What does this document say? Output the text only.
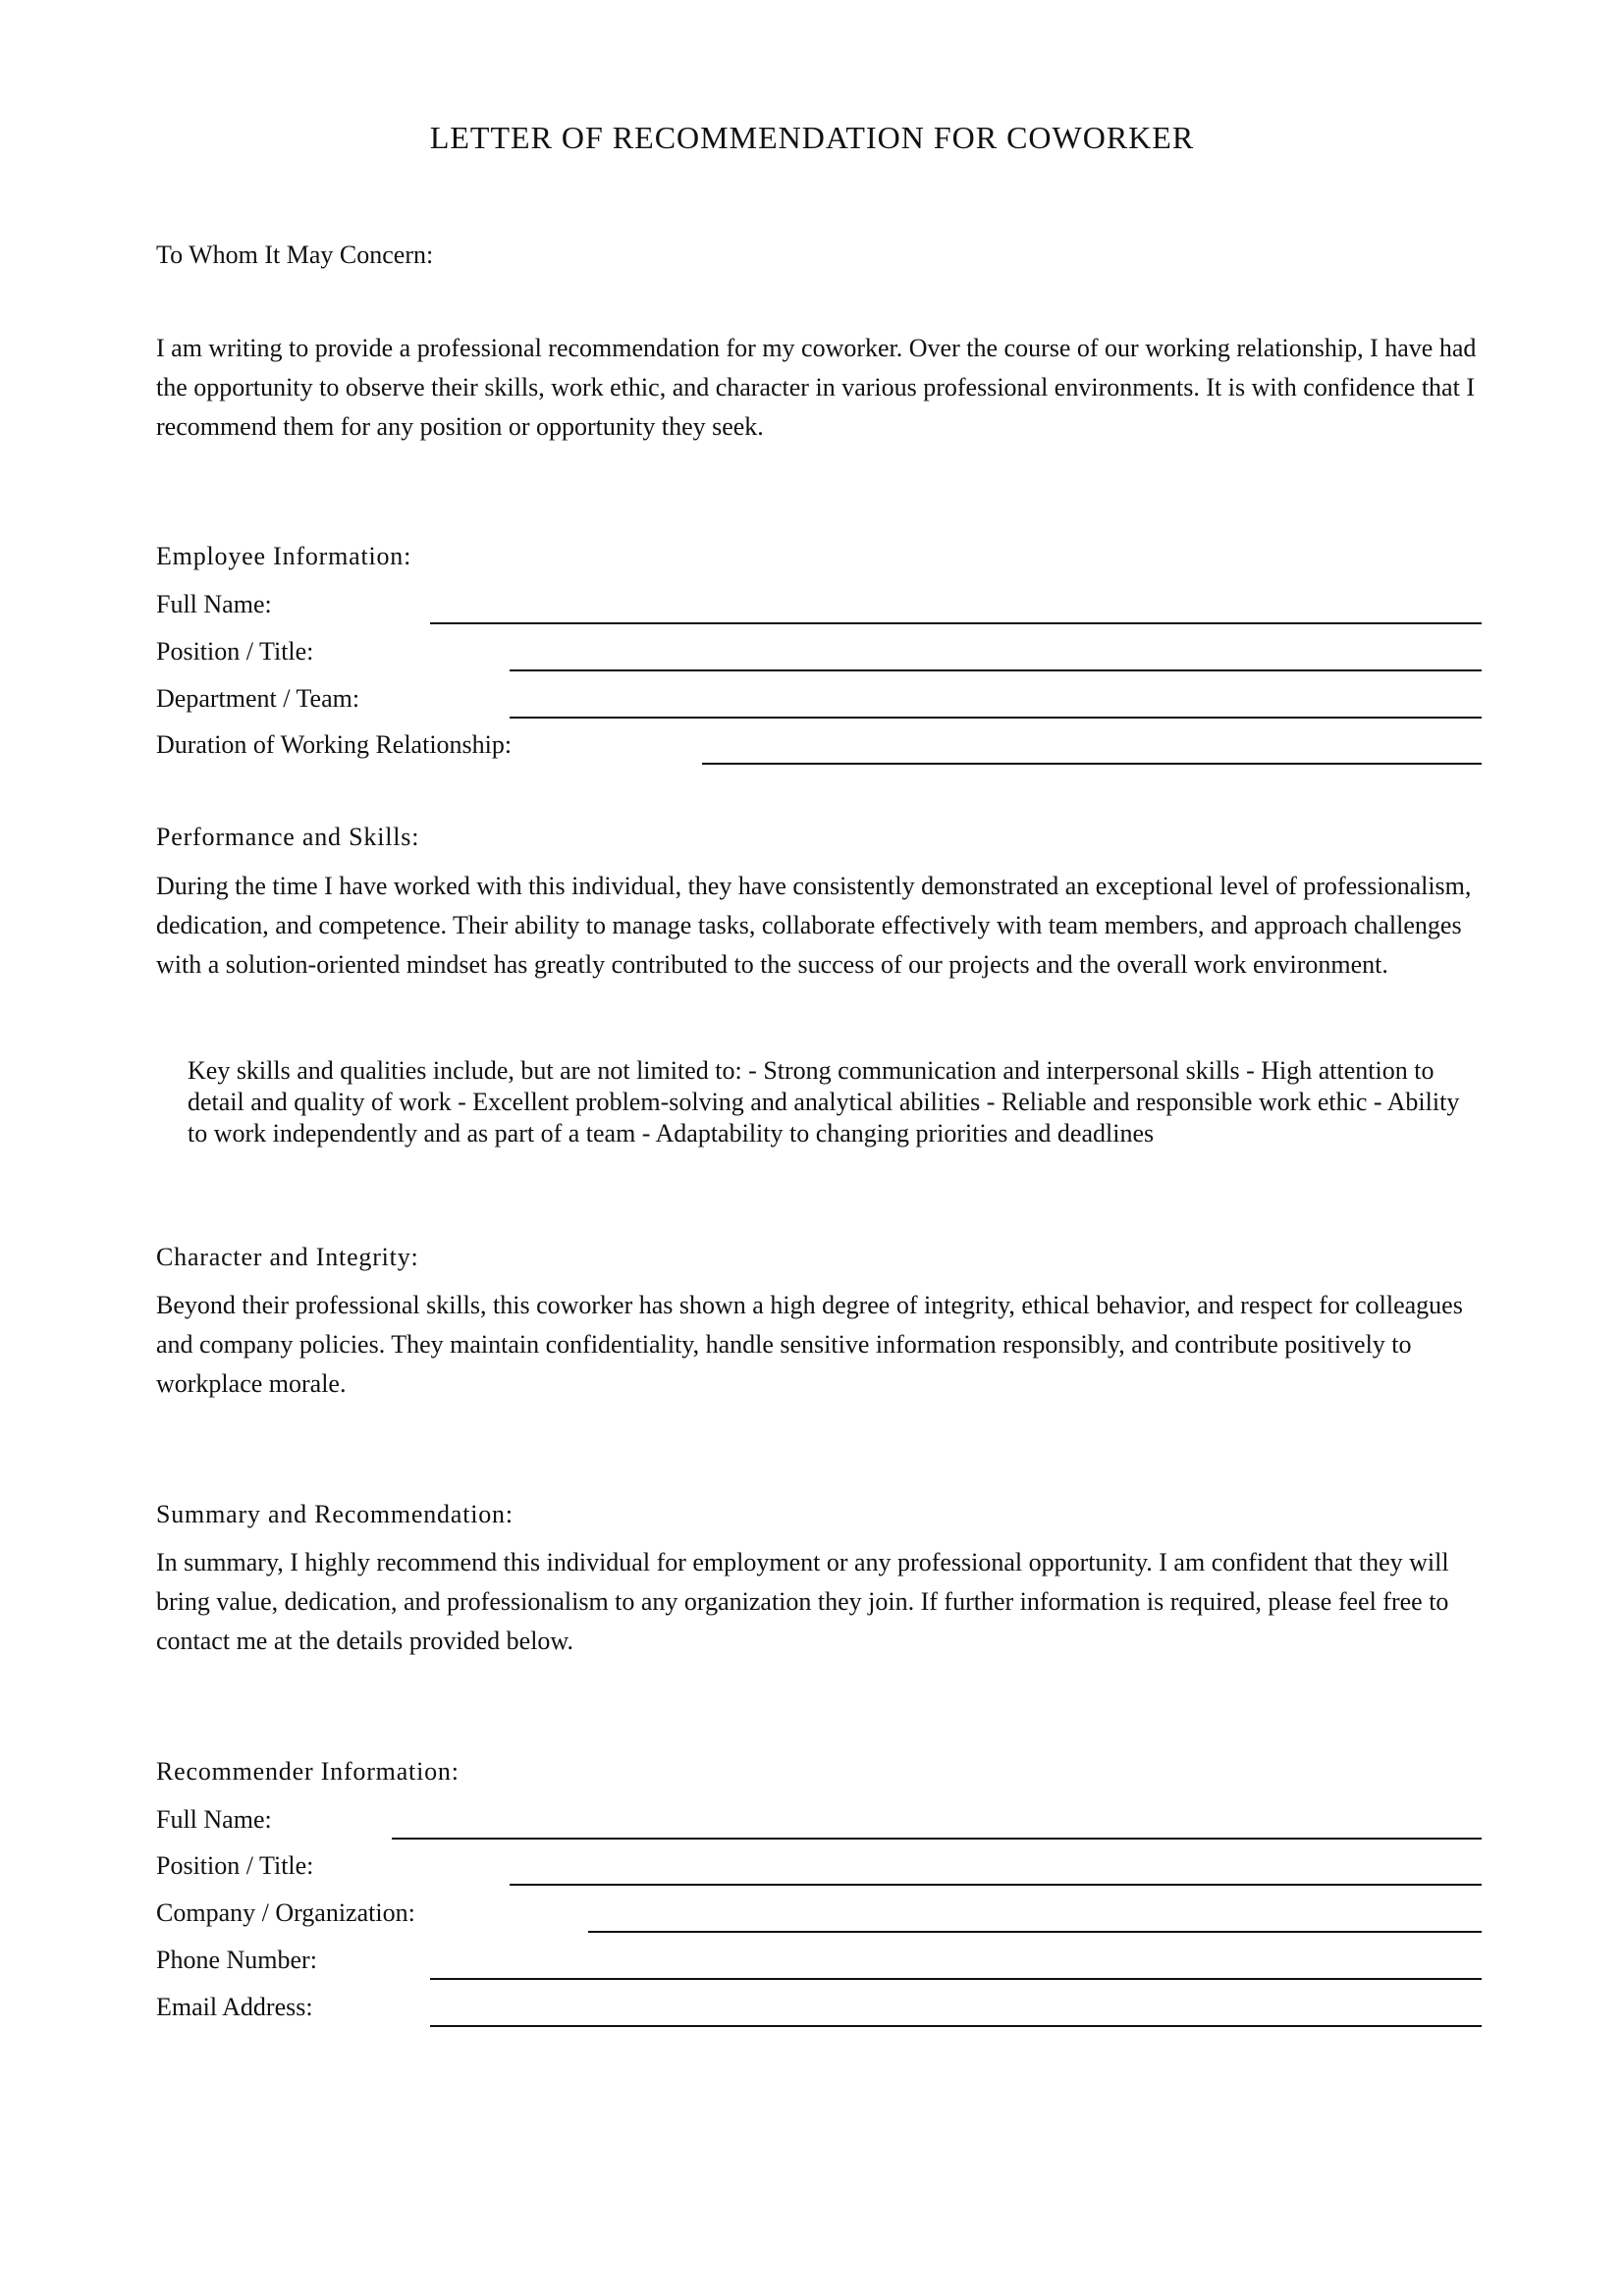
LETTER OF RECOMMENDATION FOR COWORKER

To Whom It May Concern:

I am writing to provide a professional recommendation for my coworker. Over the course of our working relationship, I have had the opportunity to observe their skills, work ethic, and character in various professional environments. It is with confidence that I recommend them for any position or opportunity they seek.

Employee Information:
Full Name:
Position / Title:
Department / Team:
Duration of Working Relationship:
Performance and Skills:

During the time I have worked with this individual, they have consistently demonstrated an exceptional level of professionalism, dedication, and competence. Their ability to manage tasks, collaborate effectively with team members, and approach challenges with a solution-oriented mindset has greatly contributed to the success of our projects and the overall work environment.

Key skills and qualities include, but are not limited to: - Strong communication and interpersonal skills - High attention to detail and quality of work - Excellent problem-solving and analytical abilities - Reliable and responsible work ethic - Ability to work independently and as part of a team - Adaptability to changing priorities and deadlines

Character and Integrity:

Beyond their professional skills, this coworker has shown a high degree of integrity, ethical behavior, and respect for colleagues and company policies. They maintain confidentiality, handle sensitive information responsibly, and contribute positively to workplace morale.

Summary and Recommendation:

In summary, I highly recommend this individual for employment or any professional opportunity. I am confident that they will bring value, dedication, and professionalism to any organization they join. If further information is required, please feel free to contact me at the details provided below.

Recommender Information:
Full Name:
Position / Title:
Company / Organization:
Phone Number:
Email Address:
